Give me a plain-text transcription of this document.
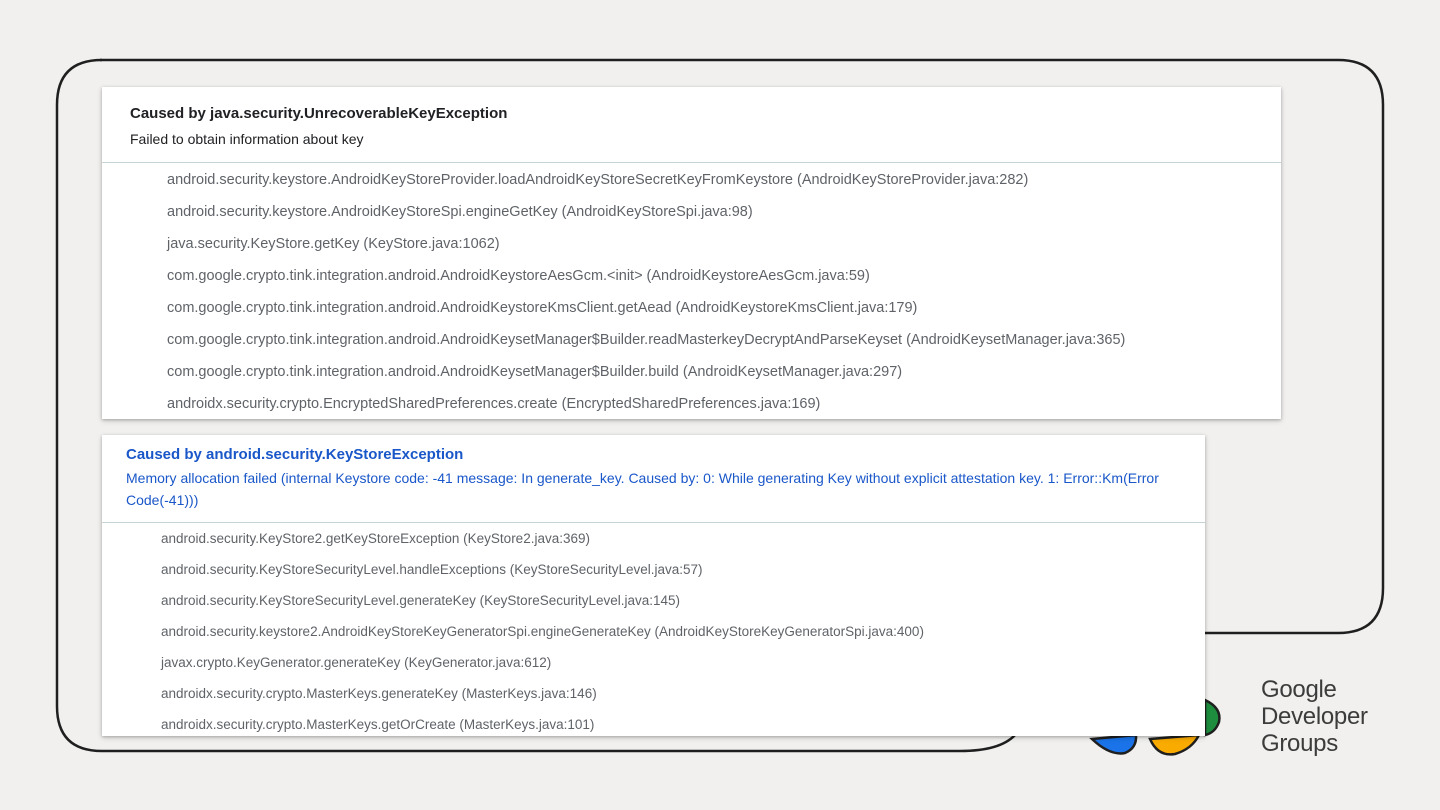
Caused by java.security.UnrecoverableKeyException
Failed to obtain information about key
android.security.keystore.AndroidKeyStoreProvider.loadAndroidKeyStoreSecretKeyFromKeystore (AndroidKeyStoreProvider.java:282)
android.security.keystore.AndroidKeyStoreSpi.engineGetKey (AndroidKeyStoreSpi.java:98)
java.security.KeyStore.getKey (KeyStore.java:1062)
com.google.crypto.tink.integration.android.AndroidKeystoreAesGcm.<init> (AndroidKeystoreAesGcm.java:59)
com.google.crypto.tink.integration.android.AndroidKeystoreKmsClient.getAead (AndroidKeystoreKmsClient.java:179)
com.google.crypto.tink.integration.android.AndroidKeysetManager$Builder.readMasterkeyDecryptAndParseKeyset (AndroidKeysetManager.java:365)
com.google.crypto.tink.integration.android.AndroidKeysetManager$Builder.build (AndroidKeysetManager.java:297)
androidx.security.crypto.EncryptedSharedPreferences.create (EncryptedSharedPreferences.java:169)
Caused by android.security.KeyStoreException
Memory allocation failed (internal Keystore code: -41 message: In generate_key. Caused by: 0: While generating Key without explicit attestation key. 1: Error::Km(Error Code(-41)))
android.security.KeyStore2.getKeyStoreException (KeyStore2.java:369)
android.security.KeyStoreSecurityLevel.handleExceptions (KeyStoreSecurityLevel.java:57)
android.security.KeyStoreSecurityLevel.generateKey (KeyStoreSecurityLevel.java:145)
android.security.keystore2.AndroidKeyStoreKeyGeneratorSpi.engineGenerateKey (AndroidKeyStoreKeyGeneratorSpi.java:400)
javax.crypto.KeyGenerator.generateKey (KeyGenerator.java:612)
androidx.security.crypto.MasterKeys.generateKey (MasterKeys.java:146)
androidx.security.crypto.MasterKeys.getOrCreate (MasterKeys.java:101)
Google
Developer
Groups
